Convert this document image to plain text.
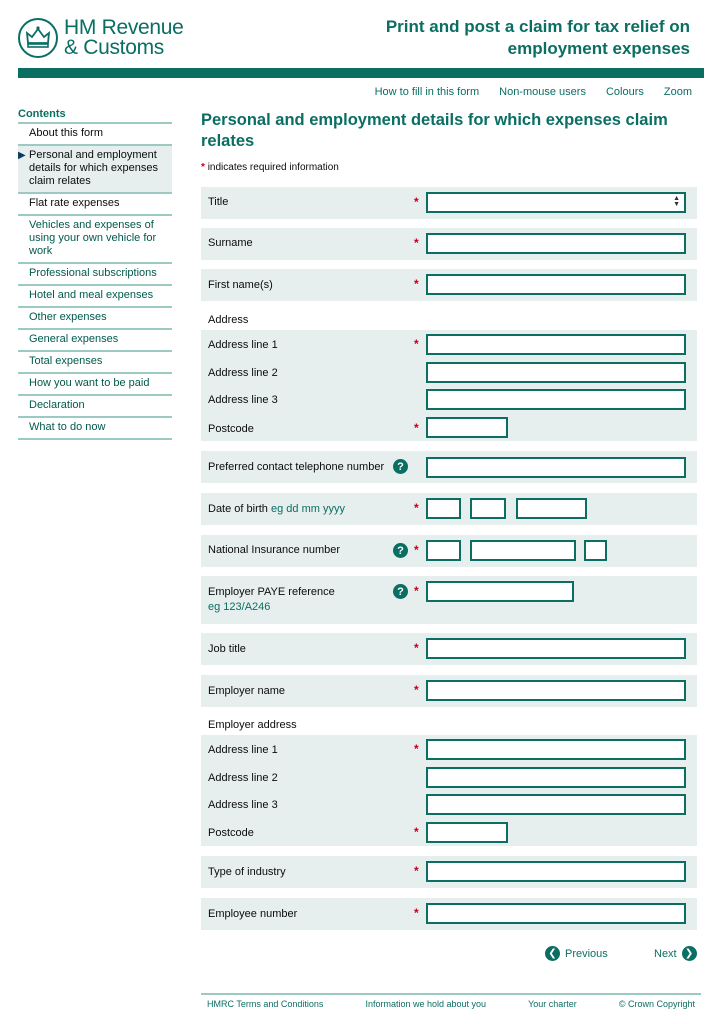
HM Revenue
& Customs
Print and post a claim for tax relief on
employment expenses
How to fill in this form Non-mouse users Colours Zoom
Contents
About this form
▶ Personal and employment details for which expenses claim relates
Flat rate expenses
Vehicles and expenses of using your own vehicle for work
Professional subscriptions
Hotel and meal expenses
Other expenses
General expenses
Total expenses
How you want to be paid
Declaration
What to do now
Personal and employment details for which expenses claim relates

* indicates required information

Title	*	▲
▼
Surname	*
First name(s)	*
Address
Address line 1	*
Address line 2
Address line 3
Postcode	*
Preferred contact telephone number	?
Date of birth eg dd mm yyyy	*
National Insurance number	? *
Employer PAYE reference
eg 123/A246
? *
Job title	*
Employer name	*
Employer address
Address line 1	*
Address line 2
Address line 3
Postcode	*
Type of industry	*
Employee number	*
❮ Previous	Next ❯
HMRC Terms and Conditions	Information we hold about you	Your charter	© Crown Copyright
